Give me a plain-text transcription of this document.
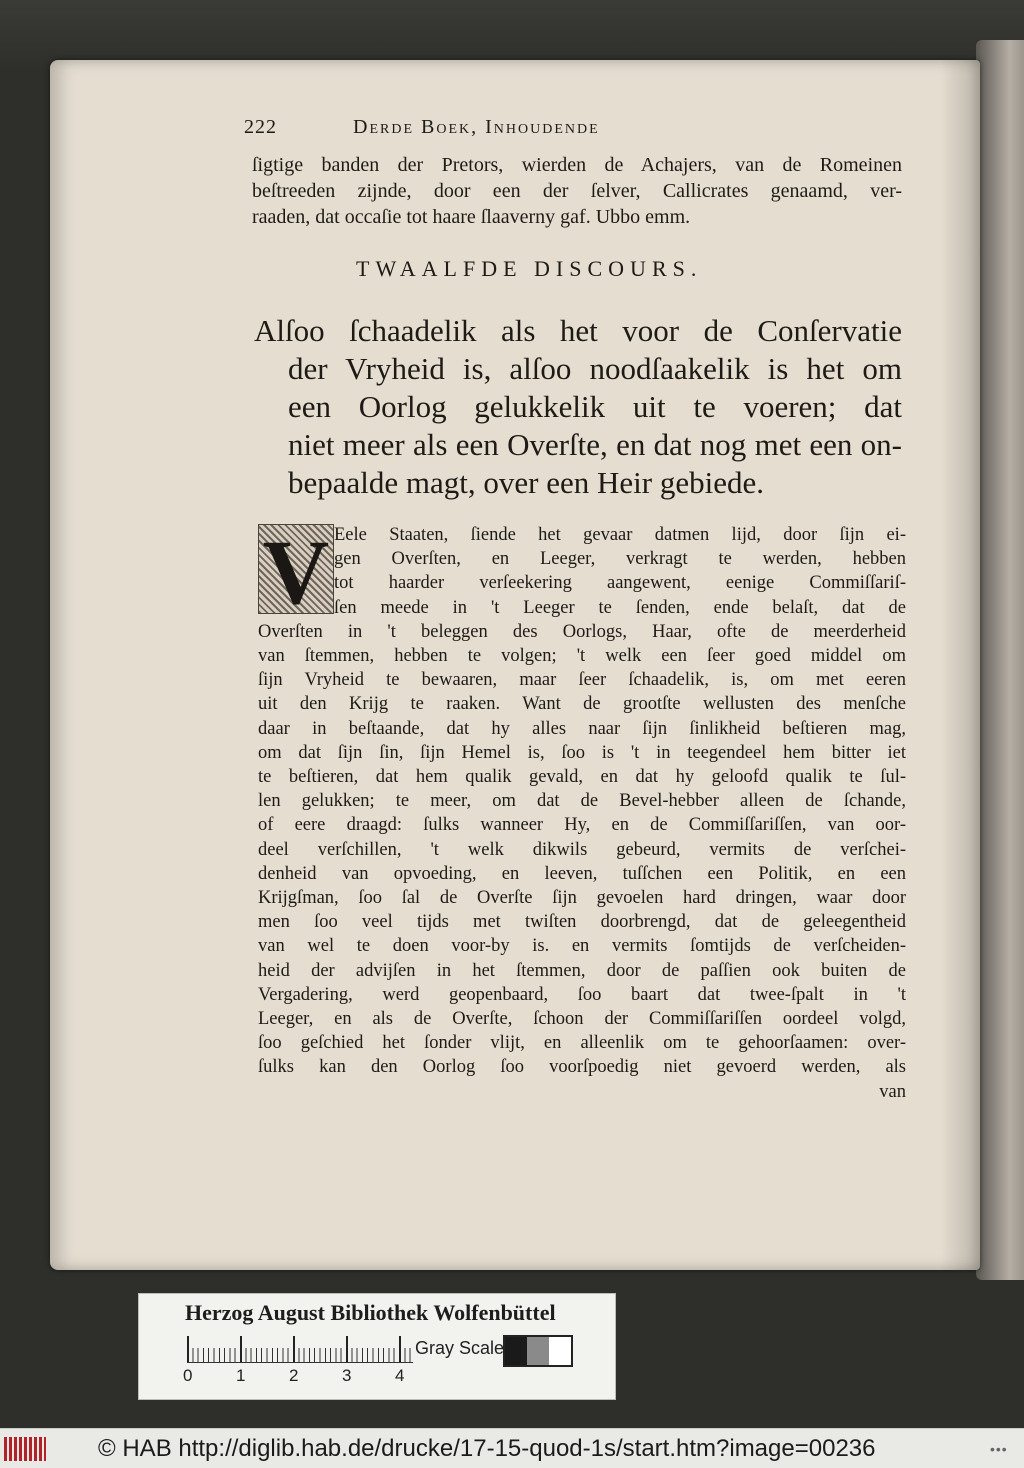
222	Derde Boek, Inhoudende

ſigtige banden der Pretors, wierden de Achajers, van de Romeinen

beſtreeden zijnde, door een der ſelver, Callicrates genaamd, ver-

raaden, dat occaſie tot haare ſlaaverny gaf. Ubbo emm.

TWAALFDE DISCOURS.

Alſoo ſchaadelik als het voor de Conſervatie

der Vryheid is, alſoo noodſaakelik is het om

een Oorlog gelukkelik uit te voeren; dat

niet meer als een Overſte, en dat nog met een on-

bepaalde magt, over een Heir gebiede.

V Eele Staaten, ſiende het gevaar datmen lijd, door ſijn ei-

gen Overſten, en Leeger, verkragt te werden, hebben

tot haarder verſeekering aangewent, eenige Commiſſariſ-

ſen meede in 't Leeger te ſenden, ende belaſt, dat de

Overſten in 't beleggen des Oorlogs, Haar, ofte de meerderheid

van ſtemmen, hebben te volgen; 't welk een ſeer goed middel om

ſijn Vryheid te bewaaren, maar ſeer ſchaadelik, is, om met eeren

uit den Krijg te raaken. Want de grootſte wellusten des menſche

daar in beſtaande, dat hy alles naar ſijn ſinlikheid beſtieren mag,

om dat ſijn ſin, ſijn Hemel is, ſoo is 't in teegendeel hem bitter iet

te beſtieren, dat hem qualik gevald, en dat hy geloofd qualik te ſul-

len gelukken; te meer, om dat de Bevel-hebber alleen de ſchande,

of eere draagd: ſulks wanneer Hy, en de Commiſſariſſen, van oor-

deel verſchillen, 't welk dikwils gebeurd, vermits de verſchei-

denheid van opvoeding, en leeven, tuſſchen een Politik, en een

Krijgſman, ſoo ſal de Overſte ſijn gevoelen hard dringen, waar door

men ſoo veel tijds met twiſten doorbrengd, dat de geleegentheid

van wel te doen voor-by is. en vermits ſomtijds de verſcheiden-

heid der advijſen in het ſtemmen, door de paſſien ook buiten de

Vergadering, werd geopenbaard, ſoo baart dat twee-ſpalt in 't

Leeger, en als de Overſte, ſchoon der Commiſſariſſen oordeel volgd,

ſoo geſchied het ſonder vlijt, en alleenlik om te gehoorſaamen: over-

ſulks kan den Oorlog ſoo voorſpoedig niet gevoerd werden, als

van

Herzog August Bibliothek Wolfenbüttel
0	1	2	3	4
Gray Scale
© HAB http://diglib.hab.de/drucke/17-15-quod-1s/start.htm?image=00236	•••
